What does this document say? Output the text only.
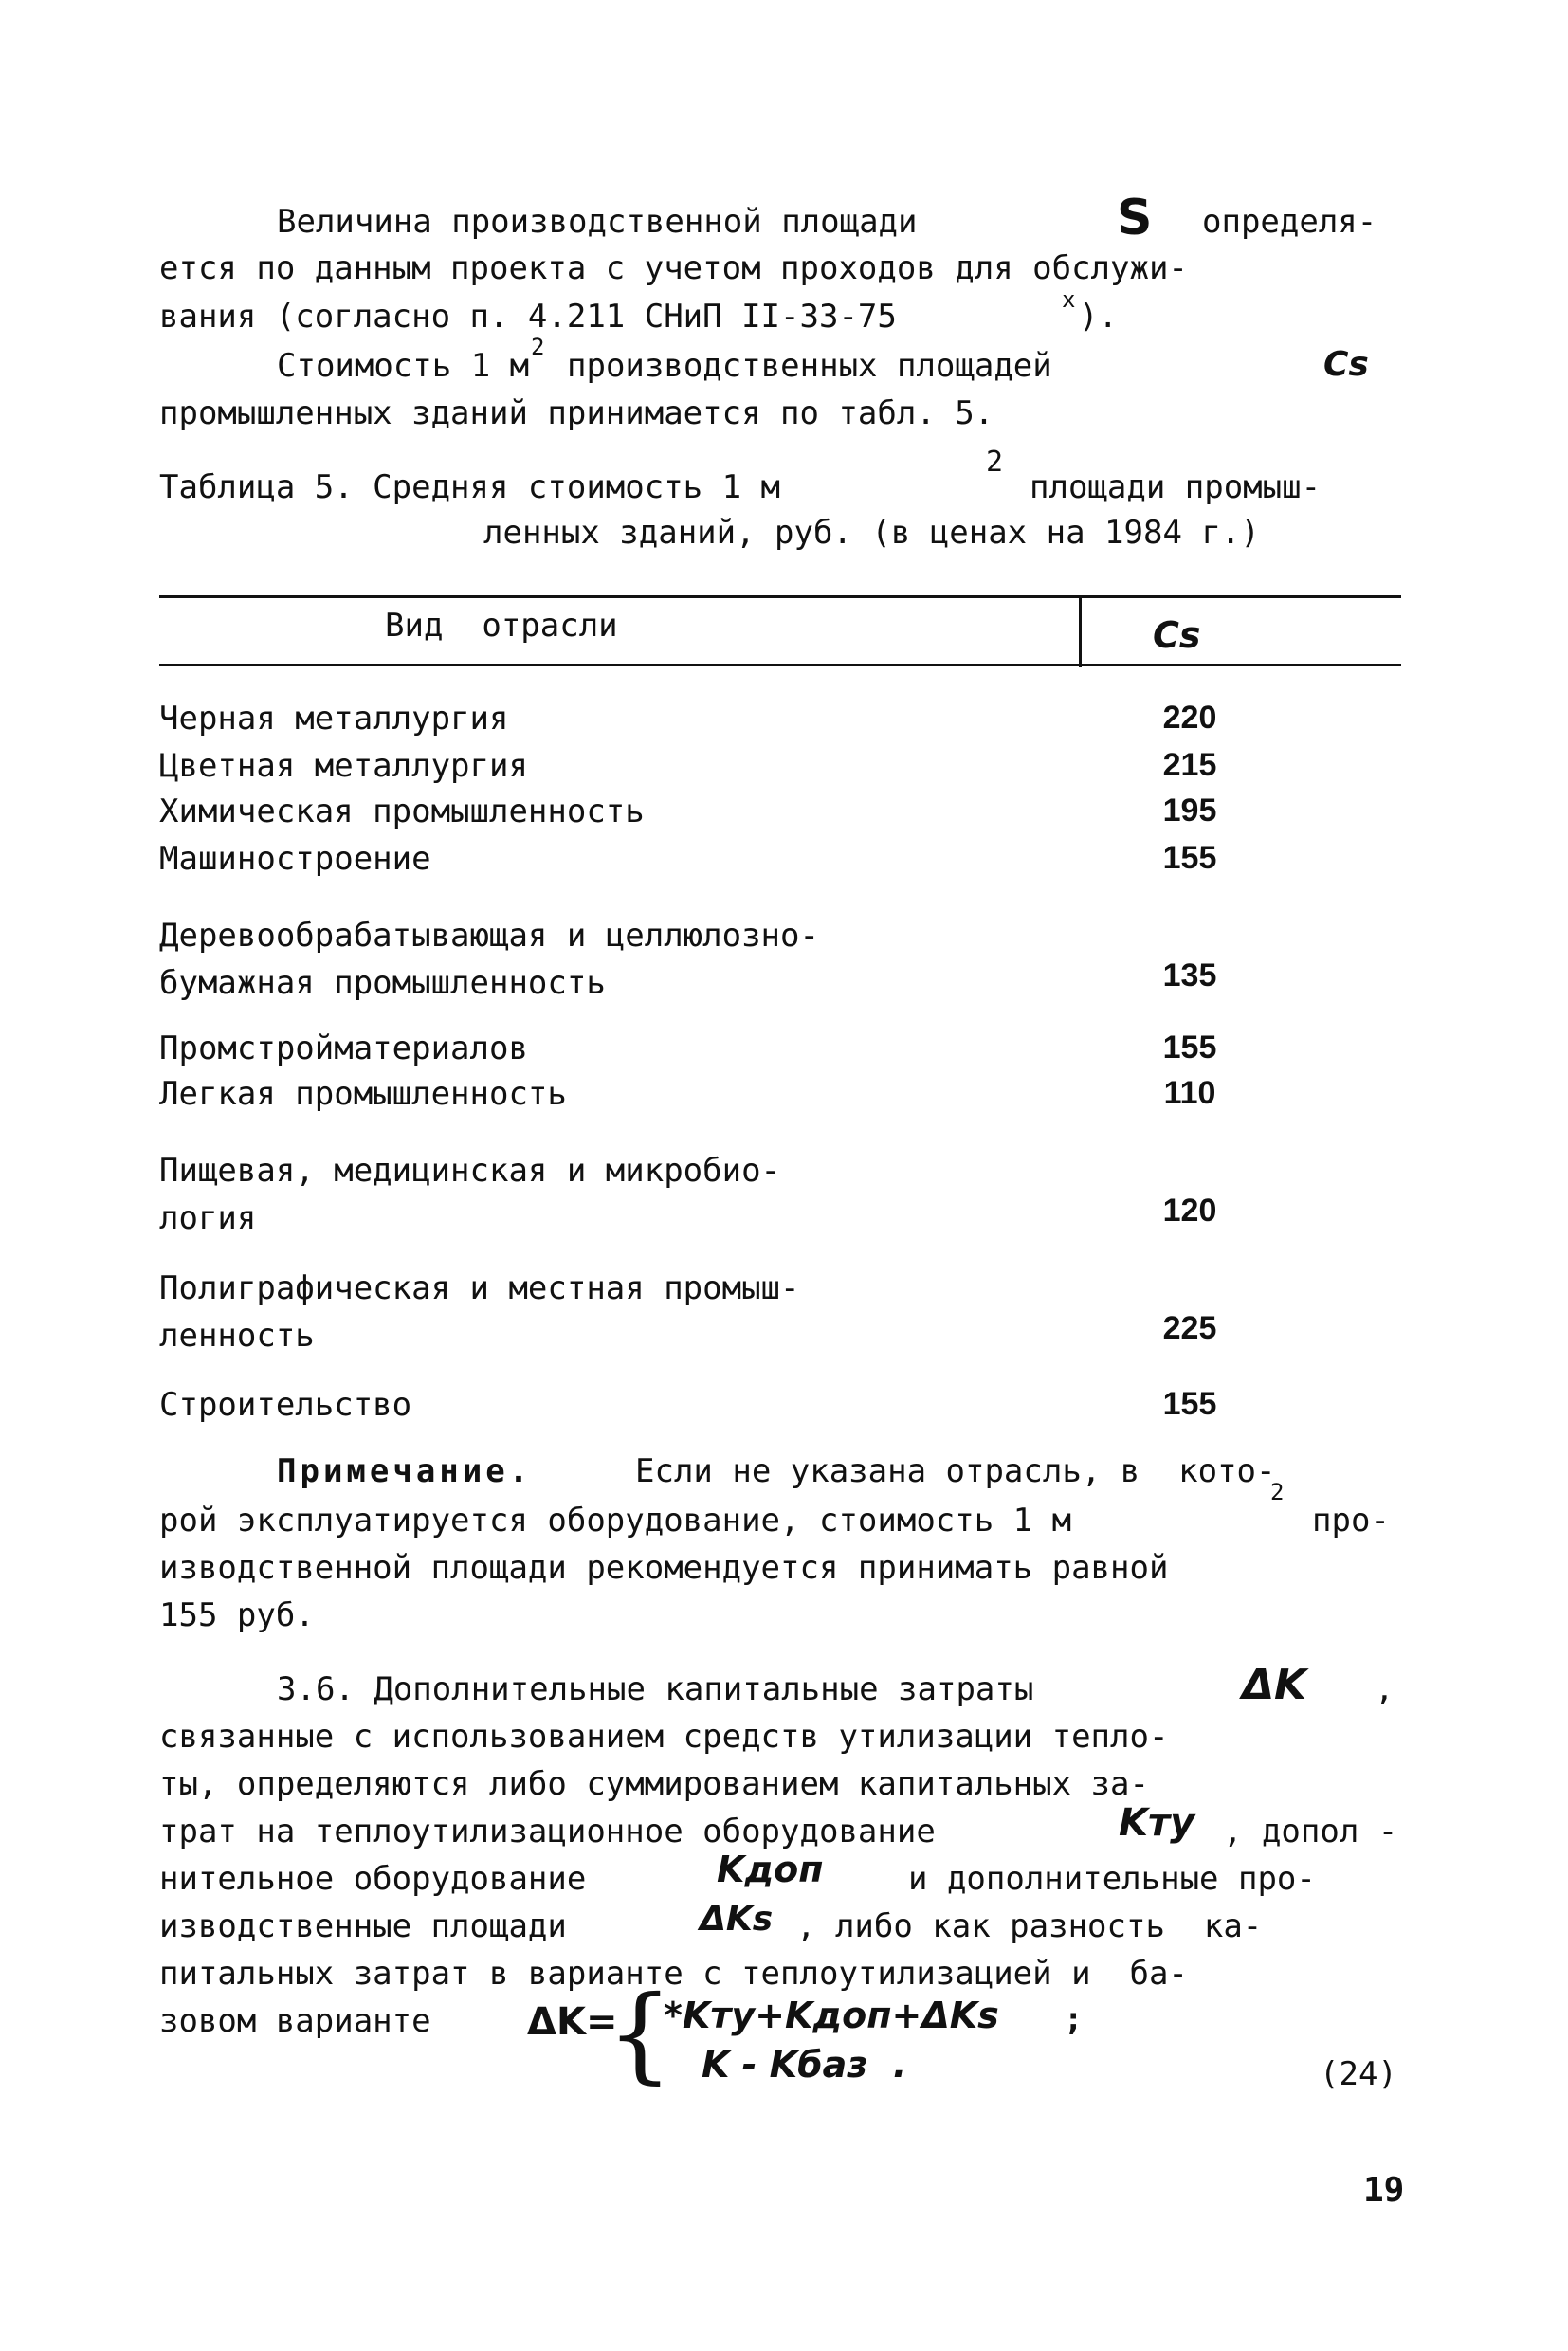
Величина производственной площади	S определя-
ется по данным проекта с учетом проходов для обслужи-
вания (согласно п. 4.211 СНиП II-33-75	x ).
Стоимость 1 м 2 производственных площадей	Cs
промышленных зданий принимается по табл. 5.
Таблица 5. Средняя стоимость 1 м
2
площади промыш-
ленных зданий, руб. (в ценах на 1984 г.)
Вид  отрасли	Cs
Черная металлургия	220
Цветная металлургия	215
Химическая промышленность	195
Машиностроение	155
Деревообрабатывающая и целлюлозно-
бумажная промышленность	135
Промстройматериалов	155
Легкая промышленность	110
Пищевая, медицинская и микробио-
логия	120
Полиграфическая и местная промыш-
ленность	225
Строительство	155
Примечание.	Если не указана отрасль, в  кото-
рой эксплуатируется оборудование, стоимость 1 м
2
про-
изводственной площади рекомендуется принимать равной
155 руб.
3.6. Дополнительные капитальные затраты	ΔK ,
связанные с использованием средств утилизации тепло-
ты, определяются либо суммированием капитальных за-
трат на теплоутилизационное оборудование	Kту , допол -
нительное оборудование	Kдоп	и дополнительные про-
изводственные площади	ΔKs , либо как разность  ка-
питальных затрат в варианте с теплоутилизацией и  ба-
зовом варианте	ΔK=
{
*Kту+Kдоп+ΔKs ;
K - Kбаз  .	(24)
19
